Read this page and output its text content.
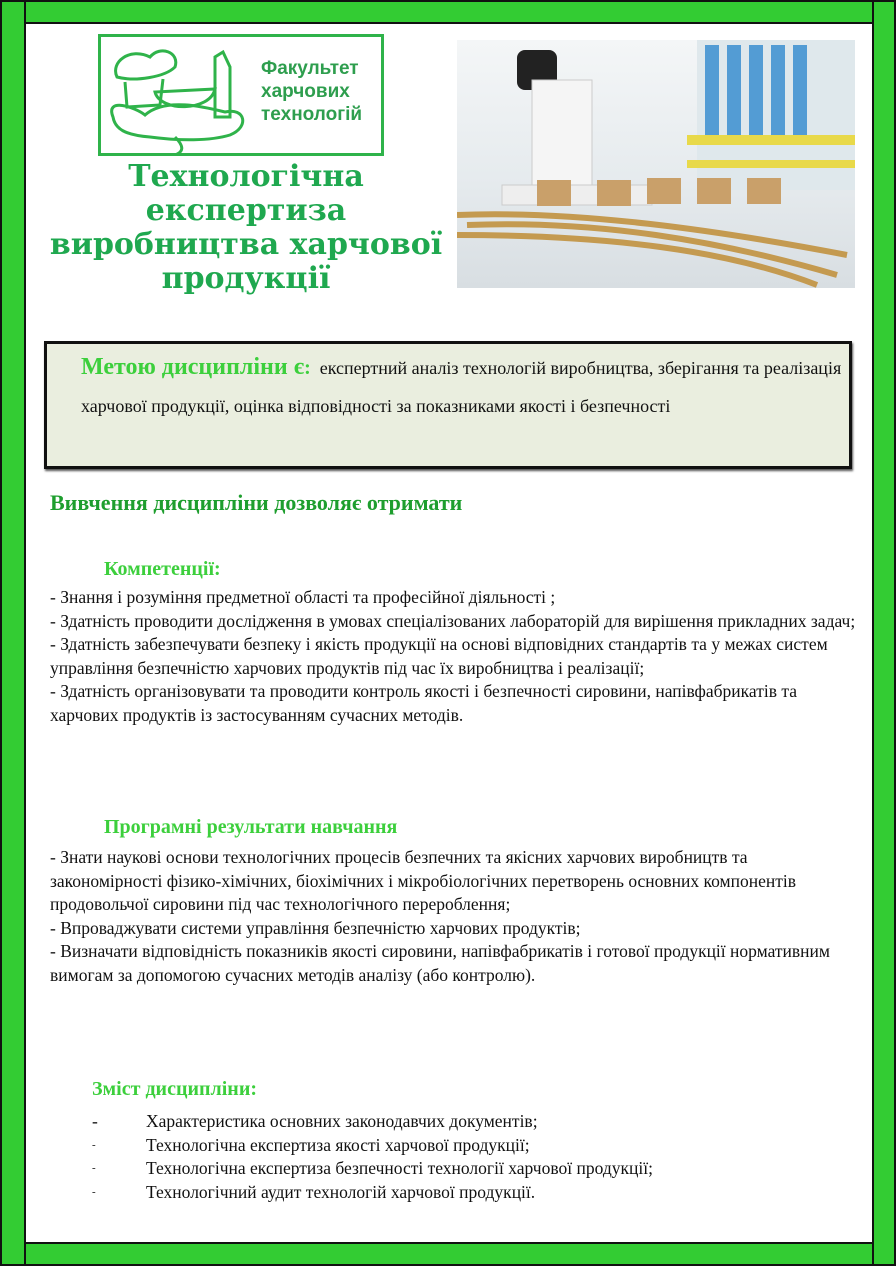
Факультет
харчових
технологій
Технологічна
експертиза
виробництва харчової
продукції
Метою дисципліни є:  експертний аналіз технологій виробництва, зберігання та реалізація харчової продукції, оцінка відповідності за показниками якості і безпечності
Вивчення дисципліни дозволяє отримати
Компетенції:
- Знання і розуміння предметної області та професійної діяльності ;
- Здатність проводити дослідження в умовах спеціалізованих лабораторій для вирішення прикладних задач;
- Здатність забезпечувати безпеку і якість продукції на основі відповідних стандартів та у межах систем управління безпечністю харчових продуктів під час їх виробництва і реалізації;
- Здатність організовувати та проводити контроль якості і безпечності сировини, напівфабрикатів та харчових продуктів із застосуванням сучасних методів.
Програмні результати навчання
- Знати наукові основи технологічних процесів безпечних та якісних харчових виробництв та закономірності фізико-хімічних, біохімічних і мікробіологічних перетворень основних компонентів продовольчої сировини під час технологічного перероблення;
- Впроваджувати системи управління безпечністю харчових продуктів;
- Визначати відповідність показників якості сировини, напівфабрикатів і готової продукції нормативним вимогам за допомогою сучасних методів аналізу (або контролю).
Зміст дисципліни:
-	Характеристика основних законодавчих документів;
-	Технологічна експертиза якості харчової продукції;
-	Технологічна експертиза безпечності технології харчової продукції;
-	Технологічний аудит технологій харчової продукції.
